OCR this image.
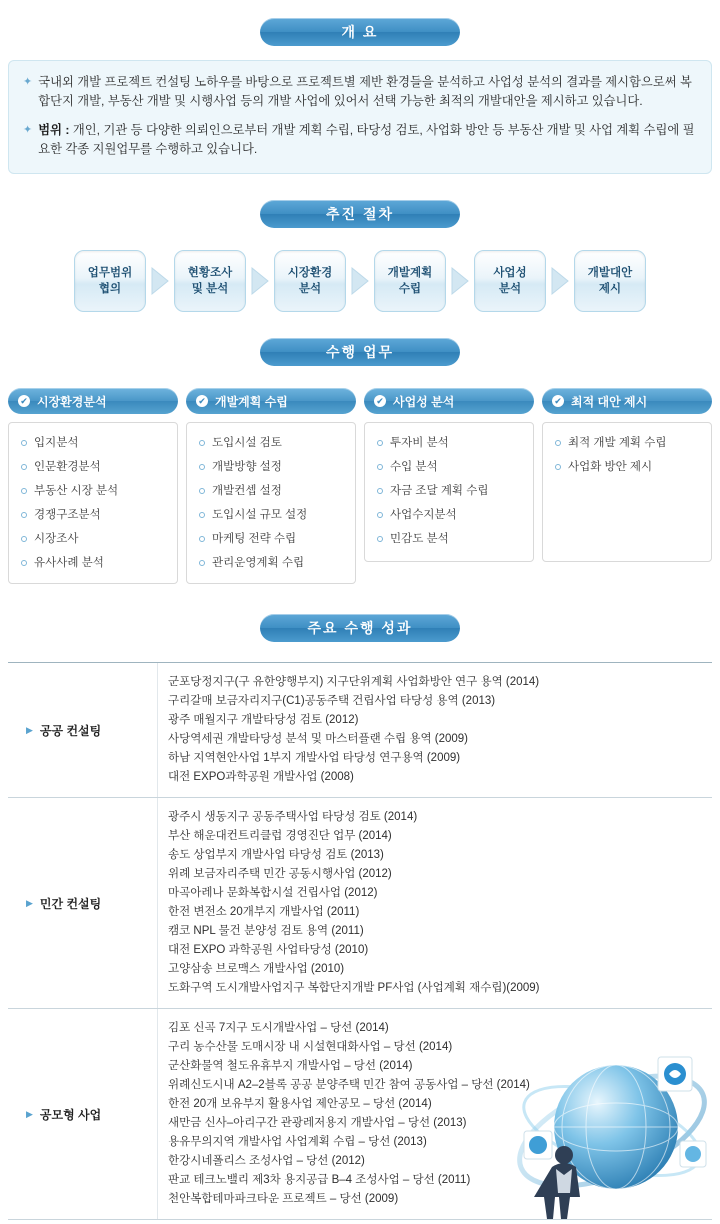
개 요
✦ 국내외 개발 프로젝트 컨설팅 노하우를 바탕으로 프로젝트별 제반 환경들을 분석하고 사업성 분석의 결과를 제시함으로써 복합단지 개발, 부동산 개발 및 시행사업 등의 개발 사업에 있어서 선택 가능한 최적의 개발대안을 제시하고 있습니다.
✦ 범위 : 개인, 기관 등 다양한 의뢰인으로부터 개발 계획 수립, 타당성 검토, 사업화 방안 등 부동산 개발 및 사업 계획 수립에 필요한 각종 지원업무를 수행하고 있습니다.
추진 절차
업무범위
협의
현황조사
및 분석
시장환경
분석
개발계획
수립
사업성
분석
개발대안
제시
수행 업무
✔ 시장환경분석
입지분석
인문환경분석
부동산 시장 분석
경쟁구조분석
시장조사
유사사례 분석
✔ 개발계획 수립
도입시설 검토
개발방향 설정
개발컨셉 설정
도입시설 규모 설정
마케팅 전략 수립
관리운영계획 수립
✔ 사업성 분석
투자비 분석
수입 분석
자금 조달 계획 수립
사업수지분석
민감도 분석
✔ 최적 대안 제시
최적 개발 계획 수립
사업화 방안 제시
주요 수행 성과
▶ 공공 컨설팅
군포당정지구(구 유한양행부지) 지구단위계획 사업화방안 연구 용역 (2014)
구리갈매 보금자리지구(C1)공동주택 건립사업 타당성 용역 (2013)
광주 매월지구 개발타당성 검토 (2012)
사당역세권 개발타당성 분석 및 마스터플랜 수립 용역 (2009)
하남 지역현안사업 1부지 개발사업 타당성 연구용역 (2009)
대전 EXPO과학공원 개발사업 (2008)
▶ 민간 컨설팅
광주시 생동지구 공동주택사업 타당성 검토 (2014)
부산 해운대컨트리클럽 경영진단 업무 (2014)
송도 상업부지 개발사업 타당성 검토 (2013)
위례 보금자리주택 민간 공동시행사업 (2012)
마곡아레나 문화복합시설 건립사업 (2012)
한전 변전소 20개부지 개발사업 (2011)
캠코 NPL 물건 분양성 검토 용역 (2011)
대전 EXPO 과학공원 사업타당성 (2010)
고양삼송 브로맥스 개발사업 (2010)
도화구역 도시개발사업지구 복합단지개발 PF사업 (사업계획 재수립)(2009)
▶ 공모형 사업
김포 신곡 7지구 도시개발사업 – 당선 (2014)
구리 농수산물 도매시장 내 시설현대화사업 – 당선 (2014)
군산화물역 철도유휴부지 개발사업 – 당선 (2014)
위례신도시내 A2–2블록 공공 분양주택 민간 참여 공동사업 – 당선 (2014)
한전 20개 보유부지 활용사업 제안공모 – 당선 (2014)
새만금 신사–아리구간 관광레저용지 개발사업 – 당선 (2013)
용유무의지역 개발사업 사업계획 수립 – 당선 (2013)
한강시네폴리스 조성사업 – 당선 (2012)
판교 테크노밸리 제3차 용지공급 B–4 조성사업 – 당선 (2011)
천안복합테마파크타운 프로젝트 – 당선 (2009)
